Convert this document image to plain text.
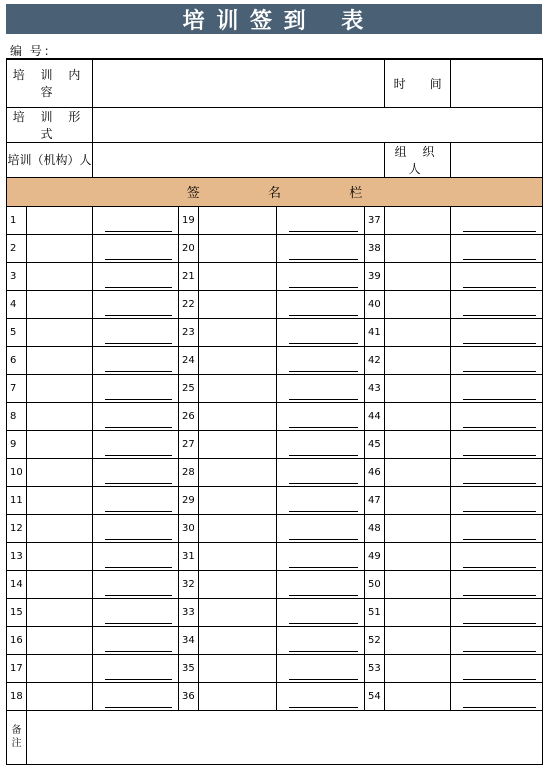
培 训 签 到　 表
编 号：
培 训 内 容							时　　间	
培 训 形式								
培训（机构）人							组 织 人	
签 名 栏								
1			19			37		
2			20			38		
3			21			39		
4			22			40		
5			23			41		
6			24			42		
7			25			43		
8			26			44		
9			27			45		
10			28			46		
11			29			47		
12			30			48		
13			31			49		
14			32			50		
15			33			51		
16			34			52		
17			35			53		
18			36			54		
备
注								
